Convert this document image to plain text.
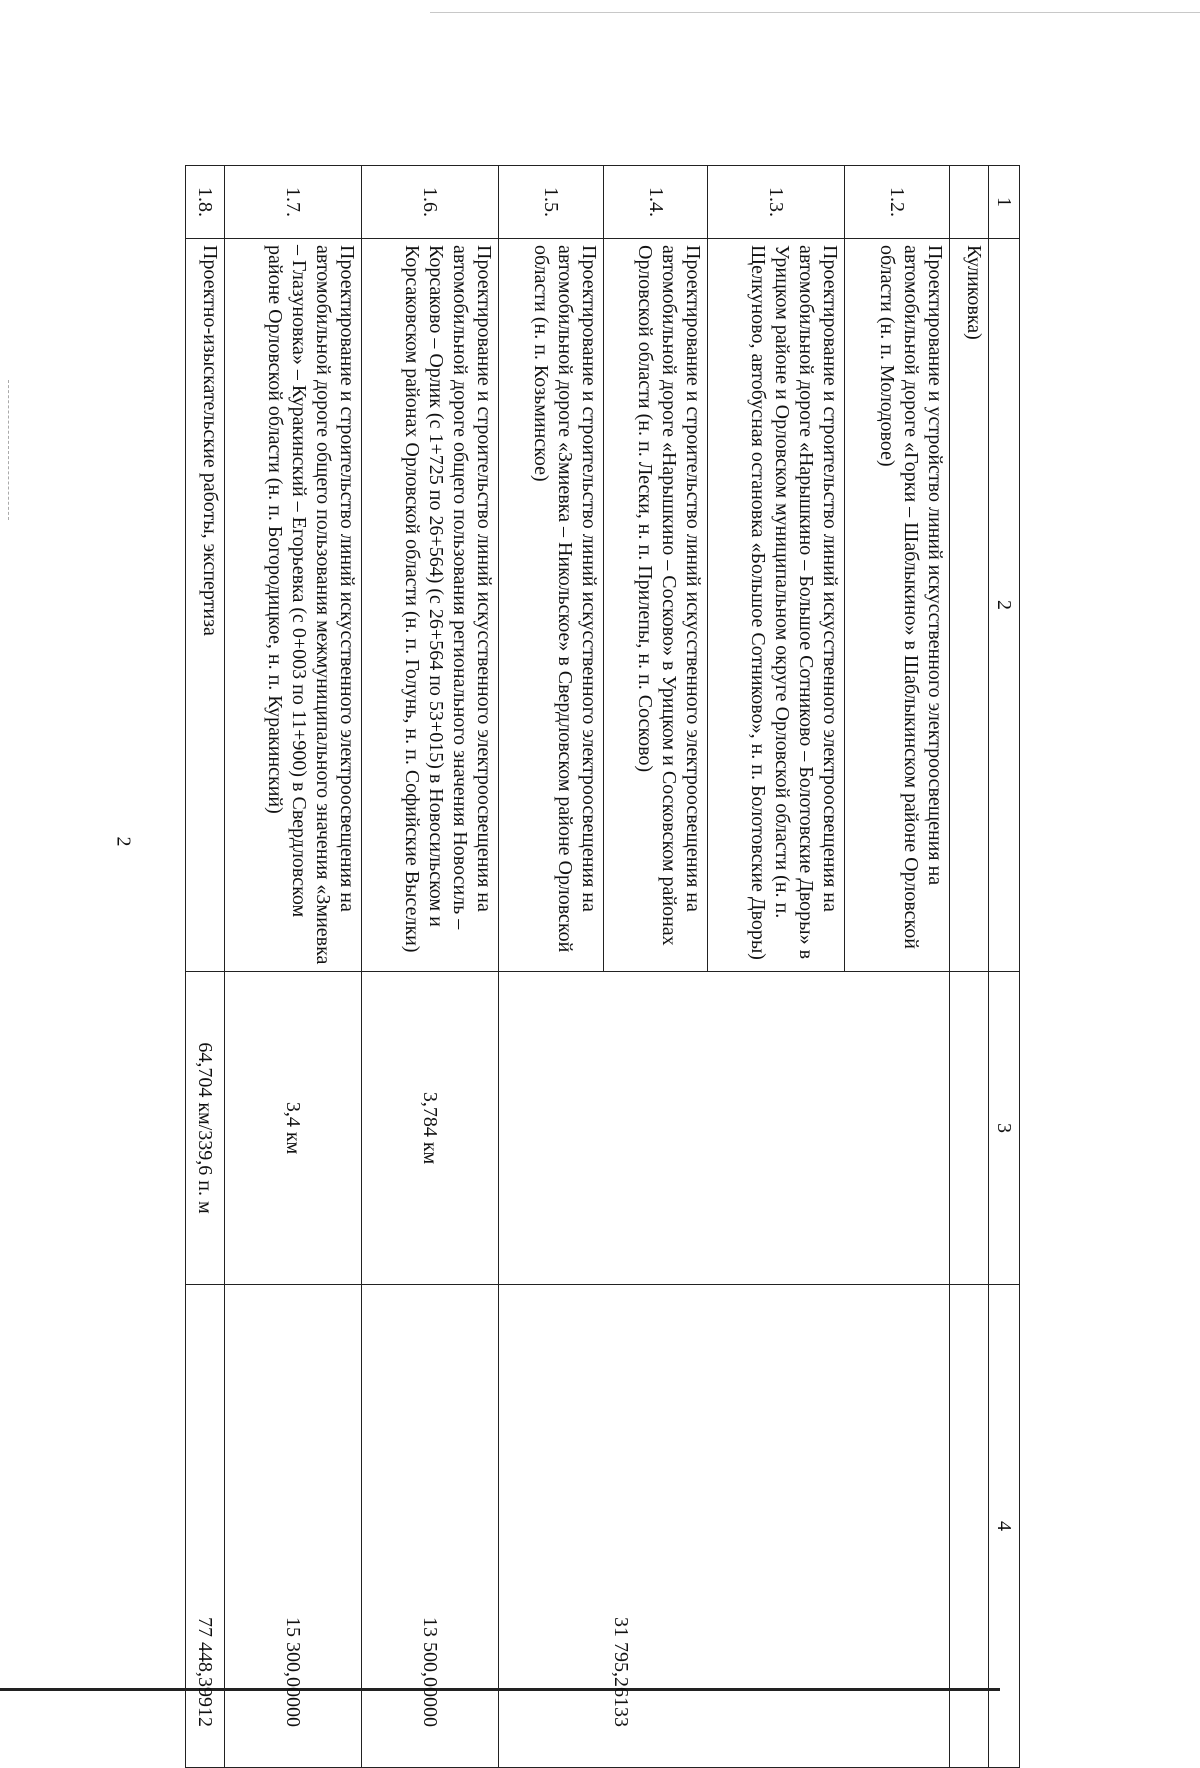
2
1	2	3	4
	Куликовка)		
1.2.	Проектирование и устройство линий искусственного электроосвещения на автомобильной дороге «Горки – Шаблыкино» в Шаблыкинском районе Орловской области (н. п. Молодовое)		31 795,26133
1.3.	Проектирование и строительство линий искусственного электроосвещения на автомобильной дороге «Нарышкино – Большое Сотниково – Болотовские Дворы» в Урицком районе и Орловском муниципальном округе Орловской области (н. п. Щелкуново, автобусная остановка «Большое Сотниково», н. п. Болотовские Дворы)		
1.4.	Проектирование и строительство линий искусственного электроосвещения на автомобильной дороге «Нарышкино – Сосково» в Урицком и Сосковском районах Орловской области (н. п. Лески, н. п. Прилепы, н. п. Сосково)		
1.5.	Проектирование и строительство линий искусственного электроосвещения на автомобильной дороге «Змиевка – Никольское» в Свердловском районе Орловской области (н. п. Козьминское)		
1.6.	Проектирование и строительство линий искусственного электроосвещения на автомобильной дороге общего пользования регионального значения Новосиль – Корсаково – Орлик (с 1+725 по 26+564) (с 26+564 по 53+015) в Новосильском и Корсаковском районах Орловской области (н. п. Голунь, н. п. Софийские Выселки)	3,784 км	13 500,00000
1.7.	Проектирование и строительство линий искусственного электроосвещения на автомобильной дороге общего пользования межмуниципального значения «Змиевка – Глазуновка» – Куракинский – Егорьевка (с 0+003 по 11+900) в Свердловском районе Орловской области (н. п. Богородицкое, н. п. Куракинский)	3,4 км	15 300,00000
1.8.	Проектно-изыскательские работы, экспертиза	64,704 км/339,6 п. м	77 448,39912
